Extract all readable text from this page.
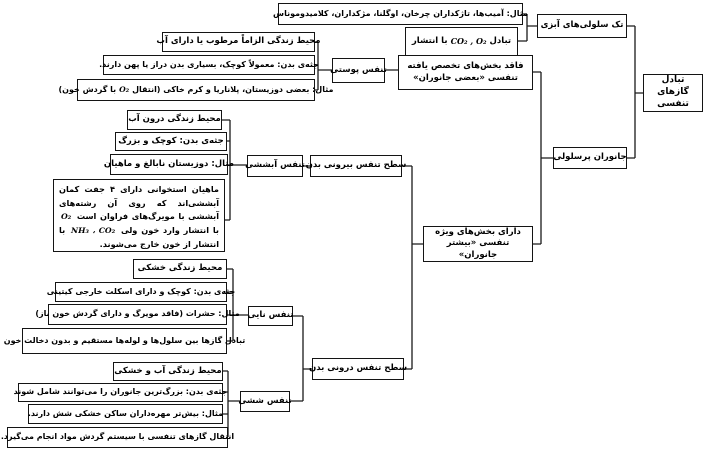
مثال: آمیب‌ها، تاژکداران چرخان، اوگلنا، مژکداران، کلامیدوموناس
تبادل
CO₂ , O₂
با انتشار
تک سلولی‌های آبزی
تبادل گازهای تنفسی
جانوران پرسلولی
فاقد بخش‌های تخصص یافته تنفسی «بعضی جانوران»
دارای بخش‌های ویژه تنفسی «بیشتر جانوران»
تنفس پوستی
محیط زندگی الزاماً مرطوب یا دارای آب
جثه‌ی بدن: معمولاً کوچک، بسیاری بدن دراز یا پهن دارند.
مثال: بعضی دوزیستان، پلاناریا و کرم خاکی (انتقال
O₂
با گردش خون)
سطح تنفس بیرونی بدن
تنفس آبششی
محیط زندگی درون آب
جثه‌ی بدن: کوچک و بزرگ
مثال: دوزیستان نابالغ و ماهیان
ماهیان استخوانی دارای ۴ جفت کمان آبششی‌اند که روی آن رشته‌های آبششی با مویرگ‌های فراوان است O₂ با انتشار وارد خون ولی NH₃ ، CO₂ با انتشار از خون خارج می‌شوند.
سطح تنفس درونی بدن
تنفس نایی
محیط زندگی خشکی
جثه‌ی بدن: کوچک و دارای اسکلت خارجی کیتینی
مثال: حشرات (فاقد مویرگ و دارای گردش خون باز)
تبادل گازها بین سلول‌ها و لوله‌ها مستقیم و بدون دخالت خون
تنفس ششی
محیط زندگی آب و خشکی
جثه‌ی بدن: بزرگ‌ترین جانوران را می‌توانند شامل شوند
مثال: بیش‌تر مهره‌داران ساکن خشکی شش دارند.
انتقال گازهای تنفسی با سیستم گردش مواد انجام می‌گیرد.
